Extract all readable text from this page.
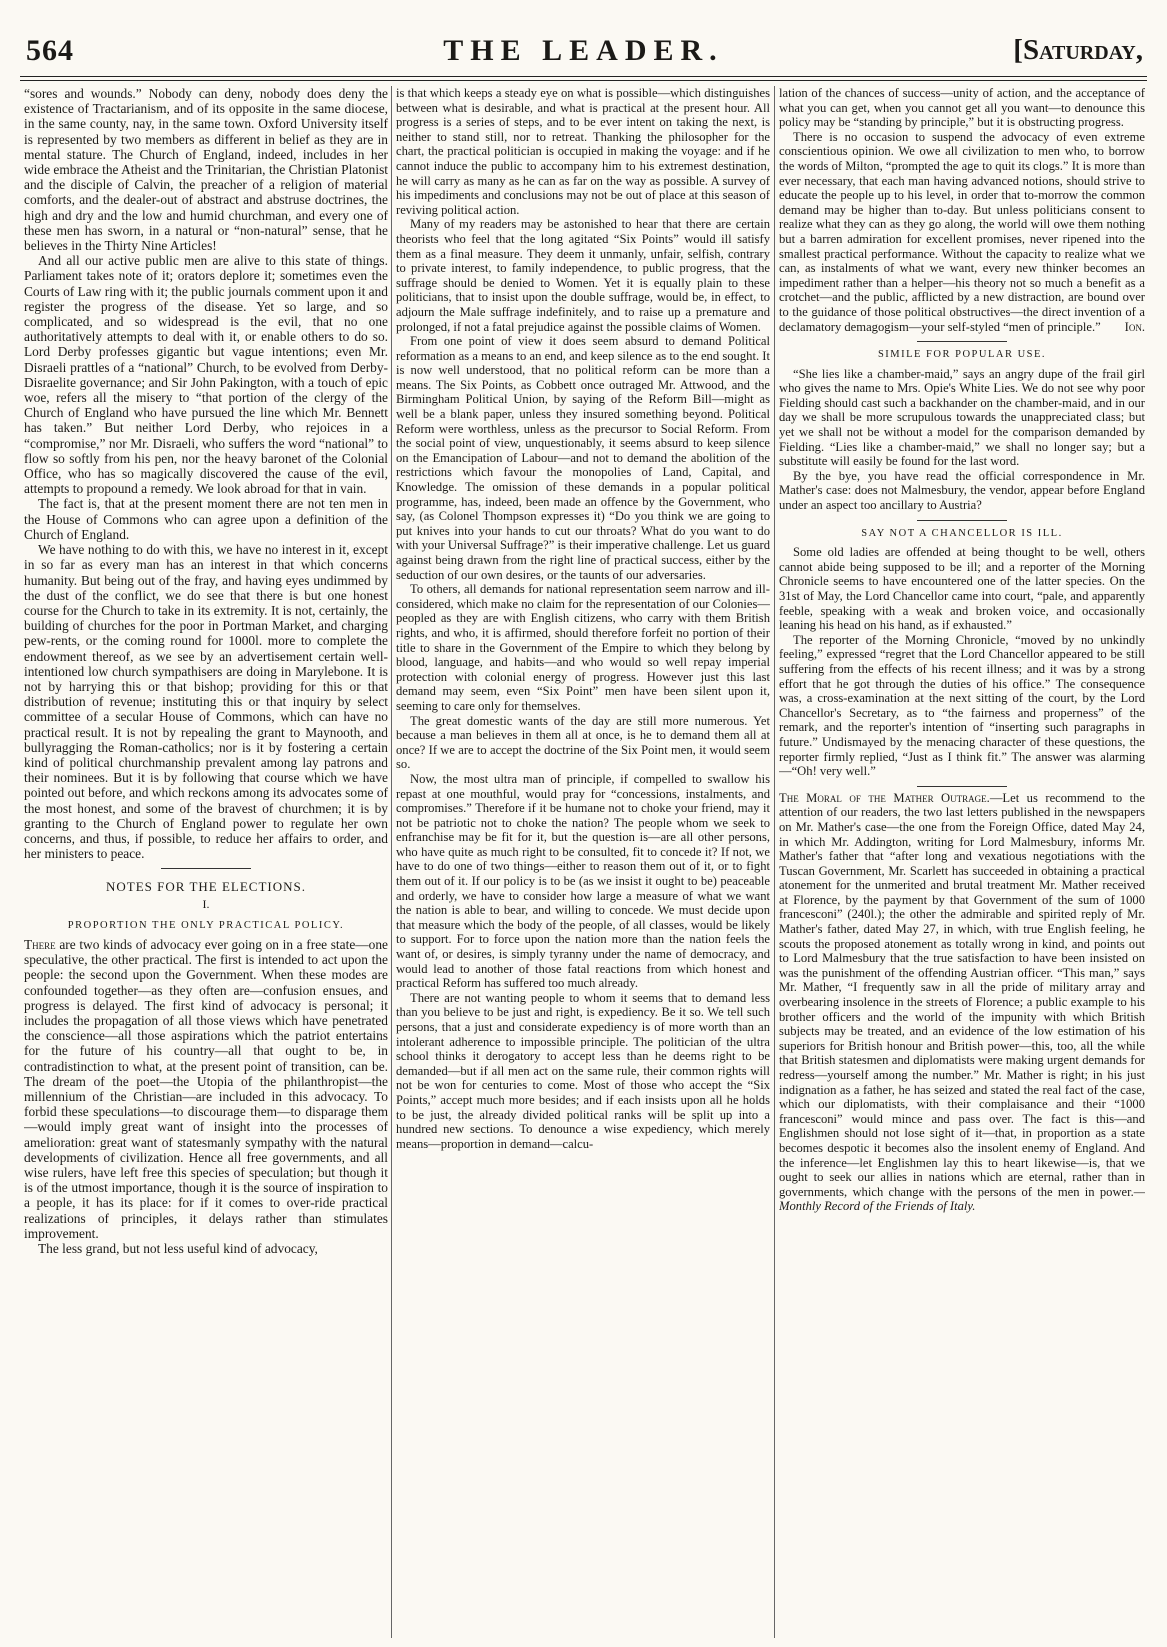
564	THE LEADER.	[Saturday,

“sores and wounds.” Nobody can deny, nobody does deny the existence of Tractarianism, and of its opposite in the same diocese, in the same county, nay, in the same town. Oxford University itself is represented by two members as different in belief as they are in mental stature. The Church of England, indeed, includes in her wide embrace the Atheist and the Trinitarian, the Christian Platonist and the disciple of Calvin, the preacher of a religion of material comforts, and the dealer-out of abstract and abstruse doctrines, the high and dry and the low and humid churchman, and every one of these men has sworn, in a natural or “non-natural” sense, that he believes in the Thirty Nine Articles!

And all our active public men are alive to this state of things. Parliament takes note of it; orators deplore it; sometimes even the Courts of Law ring with it; the public journals comment upon it and register the progress of the disease. Yet so large, and so complicated, and so widespread is the evil, that no one authoritatively attempts to deal with it, or enable others to do so. Lord Derby professes gigantic but vague intentions; even Mr. Disraeli prattles of a “national” Church, to be evolved from Derby-Disraelite governance; and Sir John Pakington, with a touch of epic woe, refers all the misery to “that portion of the clergy of the Church of England who have pursued the line which Mr. Bennett has taken.” But neither Lord Derby, who rejoices in a “compromise,” nor Mr. Disraeli, who suffers the word “national” to flow so softly from his pen, nor the heavy baronet of the Colonial Office, who has so magically discovered the cause of the evil, attempts to propound a remedy. We look abroad for that in vain.

The fact is, that at the present moment there are not ten men in the House of Commons who can agree upon a definition of the Church of England.

We have nothing to do with this, we have no interest in it, except in so far as every man has an interest in that which concerns humanity. But being out of the fray, and having eyes undimmed by the dust of the conflict, we do see that there is but one honest course for the Church to take in its extremity. It is not, certainly, the building of churches for the poor in Portman Market, and charging pew-rents, or the coming round for 1000l. more to complete the endowment thereof, as we see by an advertisement certain well-intentioned low church sympathisers are doing in Marylebone. It is not by harrying this or that bishop; providing for this or that distribution of revenue; instituting this or that inquiry by select committee of a secular House of Commons, which can have no practical result. It is not by repealing the grant to Maynooth, and bullyragging the Roman-catholics; nor is it by fostering a certain kind of political churchmanship prevalent among lay patrons and their nominees. But it is by following that course which we have pointed out before, and which reckons among its advocates some of the most honest, and some of the bravest of churchmen; it is by granting to the Church of England power to regulate her own concerns, and thus, if possible, to reduce her affairs to order, and her ministers to peace.

NOTES FOR THE ELECTIONS.
I.
PROPORTION THE ONLY PRACTICAL POLICY.

There are two kinds of advocacy ever going on in a free state—one speculative, the other practical. The first is intended to act upon the people: the second upon the Government. When these modes are confounded together—as they often are—confusion ensues, and progress is delayed. The first kind of advocacy is personal; it includes the propagation of all those views which have penetrated the conscience—all those aspirations which the patriot entertains for the future of his country—all that ought to be, in contradistinction to what, at the present point of transition, can be. The dream of the poet—the Utopia of the philanthropist—the millennium of the Christian—are included in this advocacy. To forbid these speculations—to discourage them—to disparage them—would imply great want of insight into the processes of amelioration: great want of statesmanly sympathy with the natural developments of civilization. Hence all free governments, and all wise rulers, have left free this species of speculation; but though it is of the utmost importance, though it is the source of inspiration to a people, it has its place: for if it comes to over-ride practical realizations of principles, it delays rather than stimulates improvement.

The less grand, but not less useful kind of advocacy,

is that which keeps a steady eye on what is possible—which distinguishes between what is desirable, and what is practical at the present hour. All progress is a series of steps, and to be ever intent on taking the next, is neither to stand still, nor to retreat. Thanking the philosopher for the chart, the practical politician is occupied in making the voyage: and if he cannot induce the public to accompany him to his extremest destination, he will carry as many as he can as far on the way as possible. A survey of his impediments and conclusions may not be out of place at this season of reviving political action.

Many of my readers may be astonished to hear that there are certain theorists who feel that the long agitated “Six Points” would ill satisfy them as a final measure. They deem it unmanly, unfair, selfish, contrary to private interest, to family independence, to public progress, that the suffrage should be denied to Women. Yet it is equally plain to these politicians, that to insist upon the double suffrage, would be, in effect, to adjourn the Male suffrage indefinitely, and to raise up a premature and prolonged, if not a fatal prejudice against the possible claims of Women.

From one point of view it does seem absurd to demand Political reformation as a means to an end, and keep silence as to the end sought. It is now well understood, that no political reform can be more than a means. The Six Points, as Cobbett once outraged Mr. Attwood, and the Birmingham Political Union, by saying of the Reform Bill—might as well be a blank paper, unless they insured something beyond. Political Reform were worthless, unless as the precursor to Social Reform. From the social point of view, unquestionably, it seems absurd to keep silence on the Emancipation of Labour—and not to demand the abolition of the restrictions which favour the monopolies of Land, Capital, and Knowledge. The omission of these demands in a popular political programme, has, indeed, been made an offence by the Government, who say, (as Colonel Thompson expresses it) “Do you think we are going to put knives into your hands to cut our throats? What do you want to do with your Universal Suffrage?” is their imperative challenge. Let us guard against being drawn from the right line of practical success, either by the seduction of our own desires, or the taunts of our adversaries.

To others, all demands for national representation seem narrow and ill-considered, which make no claim for the representation of our Colonies—peopled as they are with English citizens, who carry with them British rights, and who, it is affirmed, should therefore forfeit no portion of their title to share in the Government of the Empire to which they belong by blood, language, and habits—and who would so well repay imperial protection with colonial energy of progress. However just this last demand may seem, even “Six Point” men have been silent upon it, seeming to care only for themselves.

The great domestic wants of the day are still more numerous. Yet because a man believes in them all at once, is he to demand them all at once? If we are to accept the doctrine of the Six Point men, it would seem so.

Now, the most ultra man of principle, if compelled to swallow his repast at one mouthful, would pray for “concessions, instalments, and compromises.” Therefore if it be humane not to choke your friend, may it not be patriotic not to choke the nation? The people whom we seek to enfranchise may be fit for it, but the question is—are all other persons, who have quite as much right to be consulted, fit to concede it? If not, we have to do one of two things—either to reason them out of it, or to fight them out of it. If our policy is to be (as we insist it ought to be) peaceable and orderly, we have to consider how large a measure of what we want the nation is able to bear, and willing to concede. We must decide upon that measure which the body of the people, of all classes, would be likely to support. For to force upon the nation more than the nation feels the want of, or desires, is simply tyranny under the name of democracy, and would lead to another of those fatal reactions from which honest and practical Reform has suffered too much already.

There are not wanting people to whom it seems that to demand less than you believe to be just and right, is expediency. Be it so. We tell such persons, that a just and considerate expediency is of more worth than an intolerant adherence to impossible principle. The politician of the ultra school thinks it derogatory to accept less than he deems right to be demanded—but if all men act on the same rule, their common rights will not be won for centuries to come. Most of those who accept the “Six Points,” accept much more besides; and if each insists upon all he holds to be just, the already divided political ranks will be split up into a hundred new sections. To denounce a wise expediency, which merely means—proportion in demand—calcu-

lation of the chances of success—unity of action, and the acceptance of what you can get, when you cannot get all you want—to denounce this policy may be “standing by principle,” but it is obstructing progress.

There is no occasion to suspend the advocacy of even extreme conscientious opinion. We owe all civilization to men who, to borrow the words of Milton, “prompted the age to quit its clogs.” It is more than ever necessary, that each man having advanced notions, should strive to educate the people up to his level, in order that to-morrow the common demand may be higher than to-day. But unless politicians consent to realize what they can as they go along, the world will owe them nothing but a barren admiration for excellent promises, never ripened into the smallest practical performance. Without the capacity to realize what we can, as instalments of what we want, every new thinker becomes an impediment rather than a helper—his theory not so much a benefit as a crotchet—and the public, afflicted by a new distraction, are bound over to the guidance of those political obstructives—the direct invention of a declamatory demagogism—your self-styled “men of principle.”	Ion.

SIMILE FOR POPULAR USE.

“She lies like a chamber-maid,” says an angry dupe of the frail girl who gives the name to Mrs. Opie's White Lies. We do not see why poor Fielding should cast such a backhander on the chamber-maid, and in our day we shall be more scrupulous towards the unappreciated class; but yet we shall not be without a model for the comparison demanded by Fielding. “Lies like a chamber-maid,” we shall no longer say; but a substitute will easily be found for the last word.

By the bye, you have read the official correspondence in Mr. Mather's case: does not Malmesbury, the vendor, appear before England under an aspect too ancillary to Austria?

SAY NOT A CHANCELLOR IS ILL.

Some old ladies are offended at being thought to be well, others cannot abide being supposed to be ill; and a reporter of the Morning Chronicle seems to have encountered one of the latter species. On the 31st of May, the Lord Chancellor came into court, “pale, and apparently feeble, speaking with a weak and broken voice, and occasionally leaning his head on his hand, as if exhausted.”

The reporter of the Morning Chronicle, “moved by no unkindly feeling,” expressed “regret that the Lord Chancellor appeared to be still suffering from the effects of his recent illness; and it was by a strong effort that he got through the duties of his office.” The consequence was, a cross-examination at the next sitting of the court, by the Lord Chancellor's Secretary, as to “the fairness and properness” of the remark, and the reporter's intention of “inserting such paragraphs in future.” Undismayed by the menacing character of these questions, the reporter firmly replied, “Just as I think fit.” The answer was alarming—“Oh! very well.”

The Moral of the Mather Outrage.—Let us recommend to the attention of our readers, the two last letters published in the newspapers on Mr. Mather's case—the one from the Foreign Office, dated May 24, in which Mr. Addington, writing for Lord Malmesbury, informs Mr. Mather's father that “after long and vexatious negotiations with the Tuscan Government, Mr. Scarlett has succeeded in obtaining a practical atonement for the unmerited and brutal treatment Mr. Mather received at Florence, by the payment by that Government of the sum of 1000 francesconi” (240l.); the other the admirable and spirited reply of Mr. Mather's father, dated May 27, in which, with true English feeling, he scouts the proposed atonement as totally wrong in kind, and points out to Lord Malmesbury that the true satisfaction to have been insisted on was the punishment of the offending Austrian officer. “This man,” says Mr. Mather, “I frequently saw in all the pride of military array and overbearing insolence in the streets of Florence; a public example to his brother officers and the world of the impunity with which British subjects may be treated, and an evidence of the low estimation of his superiors for British honour and British power—this, too, all the while that British statesmen and diplomatists were making urgent demands for redress—yourself among the number.” Mr. Mather is right; in his just indignation as a father, he has seized and stated the real fact of the case, which our diplomatists, with their complaisance and their “1000 francesconi” would mince and pass over. The fact is this—and Englishmen should not lose sight of it—that, in proportion as a state becomes despotic it becomes also the insolent enemy of England. And the inference—let Englishmen lay this to heart likewise—is, that we ought to seek our allies in nations which are eternal, rather than in governments, which change with the persons of the men in power.—Monthly Record of the Friends of Italy.
